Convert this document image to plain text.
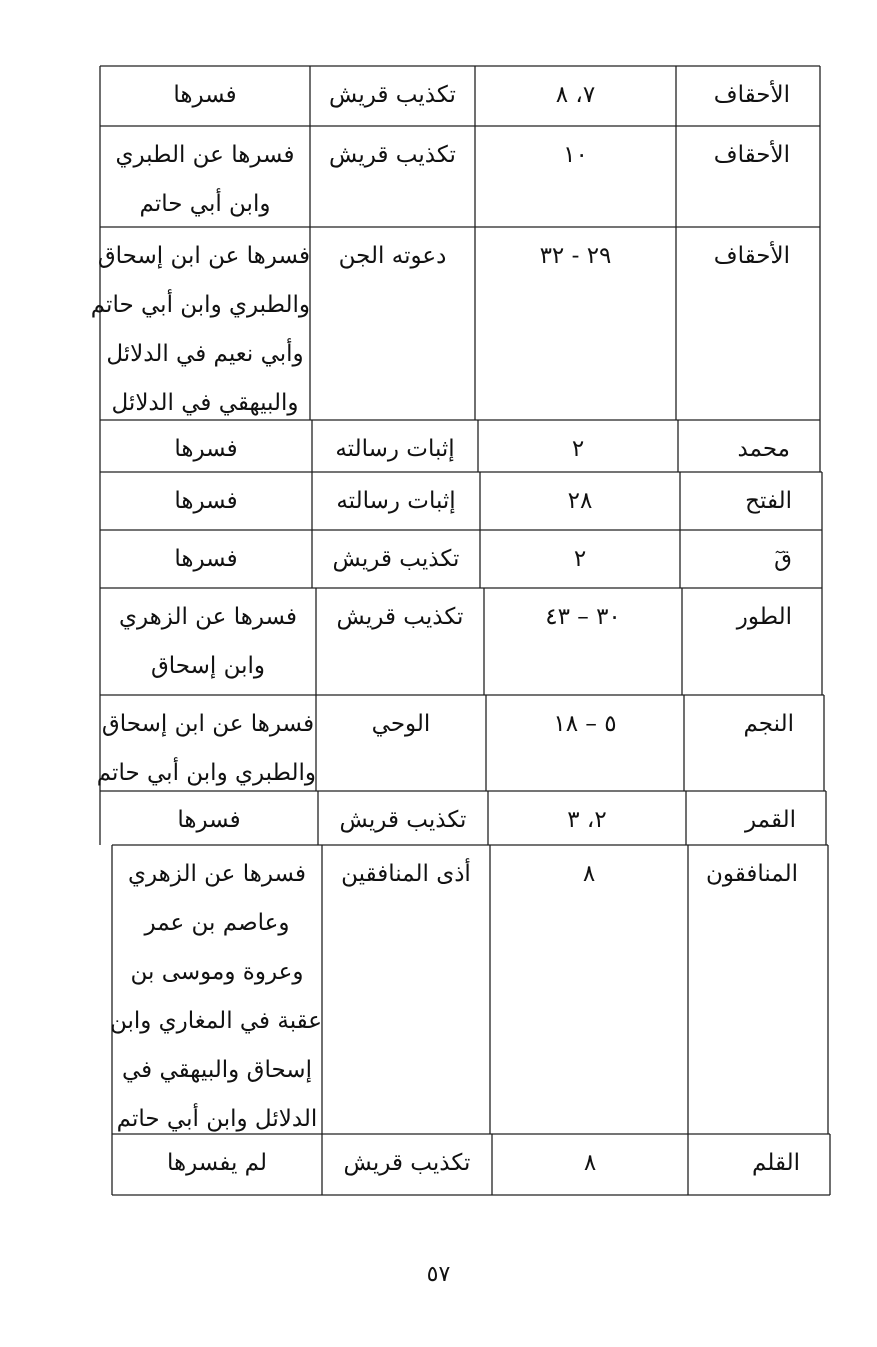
الأحقاف
٧، ٨
تكذيب قريش
فسرها
الأحقاف
١٠
تكذيب قريش
فسرها عن الطبري
وابن أبي حاتم
الأحقاف
٢٩ - ٣٢
دعوته الجن
فسرها عن ابن إسحاق
والطبري وابن أبي حاتم
وأبي نعيم في الدلائل
والبيهقي في الدلائل
محمد
٢
إثبات رسالته
فسرها
الفتح
٢٨
إثبات رسالته
فسرها
قٓ
٢
تكذيب قريش
فسرها
الطور
٣٠ – ٤٣
تكذيب قريش
فسرها عن الزهري
وابن إسحاق
النجم
٥ – ١٨
الوحي
فسرها عن ابن إسحاق
والطبري وابن أبي حاتم
القمر
٢، ٣
تكذيب قريش
فسرها
المنافقون
٨
أذى المنافقين
فسرها عن الزهري
وعاصم بن عمر
وعروة وموسى بن
عقبة في المغاري وابن
إسحاق والبيهقي في
الدلائل وابن أبي حاتم
القلم
٨
تكذيب قريش
لم يفسرها
٥٧
